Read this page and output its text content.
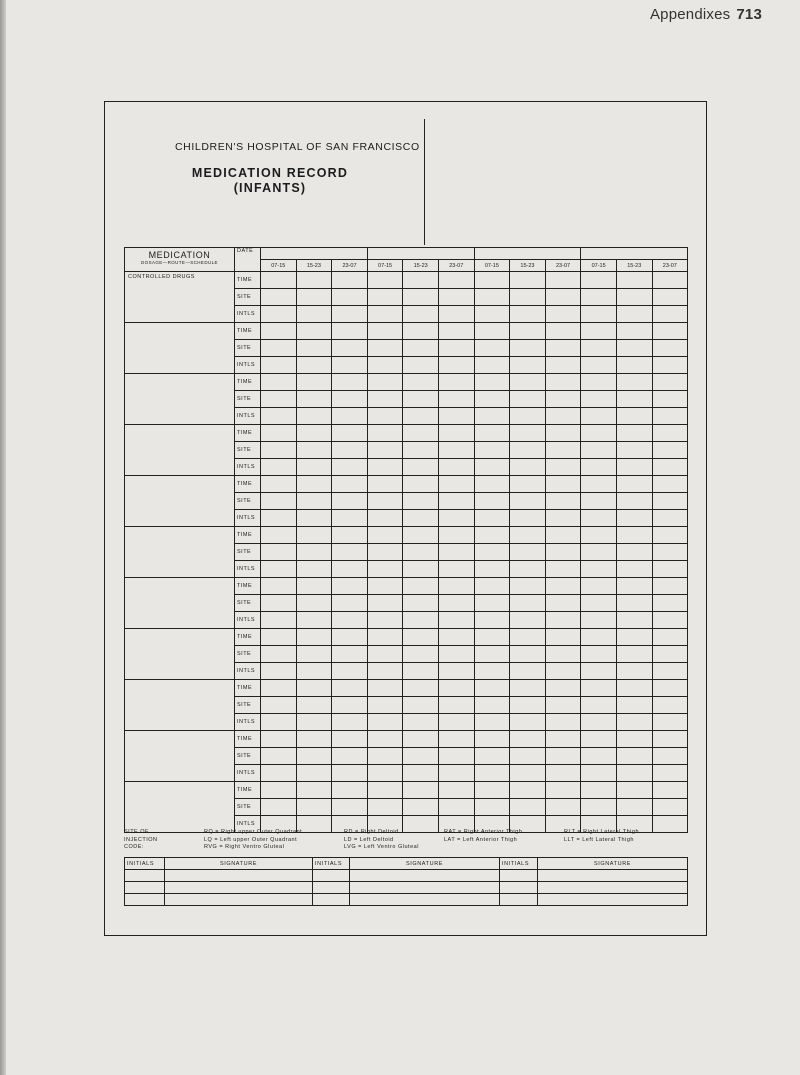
Appendixes 713
CHILDREN'S HOSPITAL OF SAN FRANCISCO
MEDICATION RECORD
(INFANTS)
MEDICATION
DOSAGE—ROUTE—SCHEDULE	DATE												
		07-15	15-23	23-07	07-15	15-23	23-07	07-15	15-23	23-07	07-15	15-23	23-07
CONTROLLED DRUGS	TIME												
	SITE												
	INTLS												
	TIME												
	SITE												
	INTLS												
	TIME												
	SITE												
	INTLS												
	TIME												
	SITE												
	INTLS												
	TIME												
	SITE												
	INTLS												
	TIME												
	SITE												
	INTLS												
	TIME												
	SITE												
	INTLS												
	TIME												
	SITE												
	INTLS												
	TIME												
	SITE												
	INTLS												
	TIME												
	SITE												
	INTLS												
	TIME												
	SITE												
	INTLS												
SITE OF
INJECTION
CODE:
RQ = Right upper Outer Quadrant
LQ = Left upper Outer Quadrant
RVG = Right Ventro Gluteal
RD = Right Deltoid
LD = Left Deltoid
LVG = Left Ventro Gluteal
RAT = Right Anterior Thigh
LAT = Left Anterior Thigh
RLT = Right Lateral Thigh
LLT = Left Lateral Thigh
INITIALS	SIGNATURE	INITIALS	SIGNATURE	INITIALS	SIGNATURE
